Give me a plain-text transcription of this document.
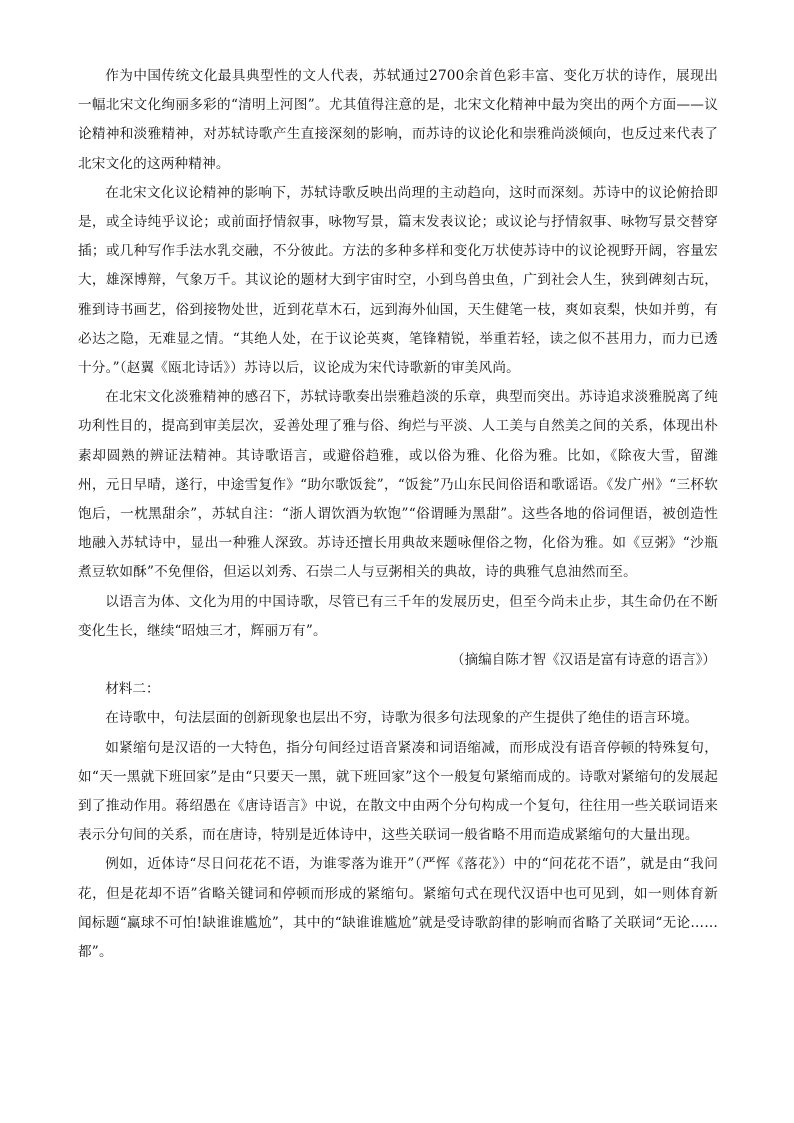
作为中国传统文化最具典型性的文人代表，苏轼通过2700余首色彩丰富、变化万状的诗作，展现出一幅北宋文化绚丽多彩的“清明上河图”。尤其值得注意的是，北宋文化精神中最为突出的两个方面——议论精神和淡雅精神，对苏轼诗歌产生直接深刻的影响，而苏诗的议论化和崇雅尚淡倾向，也反过来代表了北宋文化的这两种精神。

在北宋文化议论精神的影响下，苏轼诗歌反映出尚理的主动趋向，这时而深刻。苏诗中的议论俯拾即是，或全诗纯乎议论；或前面抒情叙事，咏物写景，篇末发表议论；或议论与抒情叙事、咏物写景交替穿插；或几种写作手法水乳交融，不分彼此。方法的多种多样和变化万状使苏诗中的议论视野开阔，容量宏大，雄深博辩，气象万千。其议论的题材大到宇宙时空，小到鸟兽虫鱼，广到社会人生，狭到碑刻古玩，雅到诗书画艺，俗到接物处世，近到花草木石，远到海外仙国，天生健笔一枝，爽如哀梨，快如并剪，有必达之隐，无难显之情。“其绝人处，在于议论英爽，笔锋精锐，举重若轻，读之似不甚用力，而力已透十分。”（赵翼《瓯北诗话》）苏诗以后，议论成为宋代诗歌新的审美风尚。

在北宋文化淡雅精神的感召下，苏轼诗歌奏出崇雅趋淡的乐章，典型而突出。苏诗追求淡雅脱离了纯功利性目的，提高到审美层次，妥善处理了雅与俗、绚烂与平淡、人工美与自然美之间的关系，体现出朴素却圆熟的辨证法精神。其诗歌语言，或避俗趋雅，或以俗为雅、化俗为雅。比如，《除夜大雪，留潍州，元日早晴，遂行，中途雪复作》“助尔歌饭瓮”，“饭瓮”乃山东民间俗语和歌谣语。《发广州》“三杯软饱后，一枕黑甜余”，苏轼自注：“浙人谓饮酒为软饱”“俗谓睡为黑甜”。这些各地的俗词俚语，被创造性地融入苏轼诗中，显出一种雅人深致。苏诗还擅长用典故来题咏俚俗之物，化俗为雅。如《豆粥》“沙瓶煮豆软如酥”不免俚俗，但运以刘秀、石崇二人与豆粥相关的典故，诗的典雅气息油然而至。

以语言为体、文化为用的中国诗歌，尽管已有三千年的发展历史，但至今尚未止步，其生命仍在不断变化生长，继续“昭烛三才，辉丽万有”。

（摘编自陈才智《汉语是富有诗意的语言》）

材料二：

在诗歌中，句法层面的创新现象也层出不穷，诗歌为很多句法现象的产生提供了绝佳的语言环境。

如紧缩句是汉语的一大特色，指分句间经过语音紧凑和词语缩减，而形成没有语音停顿的特殊复句，如“天一黑就下班回家”是由“只要天一黑，就下班回家”这个一般复句紧缩而成的。诗歌对紧缩句的发展起到了推动作用。蒋绍愚在《唐诗语言》中说，在散文中由两个分句构成一个复句，往往用一些关联词语来表示分句间的关系，而在唐诗，特别是近体诗中，这些关联词一般省略不用而造成紧缩句的大量出现。

例如，近体诗“尽日问花花不语，为谁零落为谁开”（严恽《落花》）中的“问花花不语”，就是由“我问花，但是花却不语”省略关键词和停顿而形成的紧缩句。紧缩句式在现代汉语中也可见到，如一则体育新闻标题“赢球不可怕!缺谁谁尴尬”，其中的“缺谁谁尴尬”就是受诗歌韵律的影响而省略了关联词“无论……都”。
